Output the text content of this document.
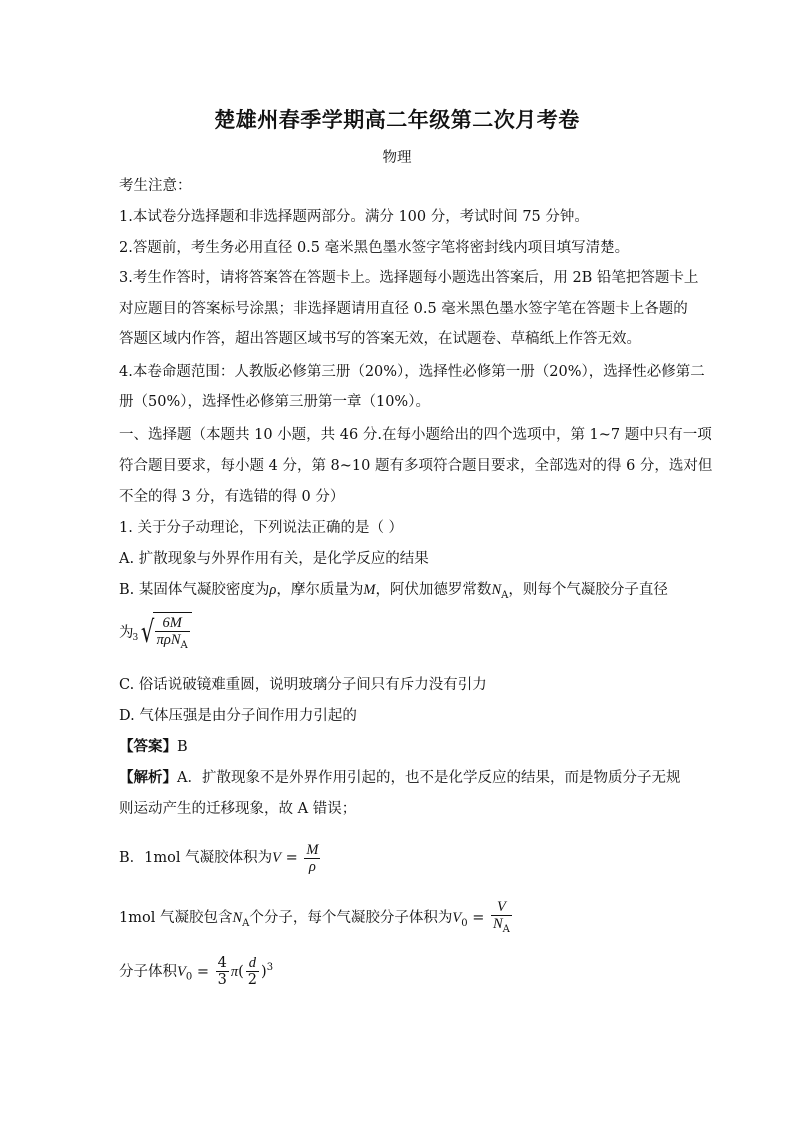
楚雄州春季学期高二年级第二次月考卷
物理
考生注意：
1.本试卷分选择题和非选择题两部分。满分 100 分，考试时间 75 分钟。
2.答题前，考生务必用直径 0.5 毫米黑色墨水签字笔将密封线内项目填写清楚。
3.考生作答时，请将答案答在答题卡上。选择题每小题选出答案后，用 2B 铅笔把答题卡上
对应题目的答案标号涂黑；非选择题请用直径 0.5 毫米黑色墨水签字笔在答题卡上各题的
答题区域内作答，超出答题区域书写的答案无效，在试题卷、草稿纸上作答无效。
4.本卷命题范围：人教版必修第三册（20%），选择性必修第一册（20%），选择性必修第二
册（50%），选择性必修第三册第一章（10%）。
一、选择题（本题共 10 小题，共 46 分.在每小题给出的四个选项中，第 1~7 题中只有一项
符合题目要求，每小题 4 分，第 8~10 题有多项符合题目要求，全部选对的得 6 分，选对但
不全的得 3 分，有选错的得 0 分）
1. 关于分子动理论，下列说法正确的是（ ）
A. 扩散现象与外界作用有关，是化学反应的结果
B. 某固体气凝胶密度为ρ，摩尔质量为M，阿伏加德罗常数$N_A$，则每个气凝胶分子直径
为 3 √ $\frac{6M}{\pi\rho N_A}$
C. 俗话说破镜难重圆，说明玻璃分子间只有斥力没有引力
D. 气体压强是由分子间作用力引起的
【答案】B
【解析】A．扩散现象不是外界作用引起的，也不是化学反应的结果，而是物质分子无规
则运动产生的迁移现象，故 A 错误；
B．1mol 气凝胶体积为$V = \frac{M}{\rho}$
1mol 气凝胶包含$N_A$个分子，每个气凝胶分子体积为$V_0 = \frac{V}{N_A}$
分子体积$V_0 = \frac{4}{3} \pi( \frac{d}{2} )^3$
